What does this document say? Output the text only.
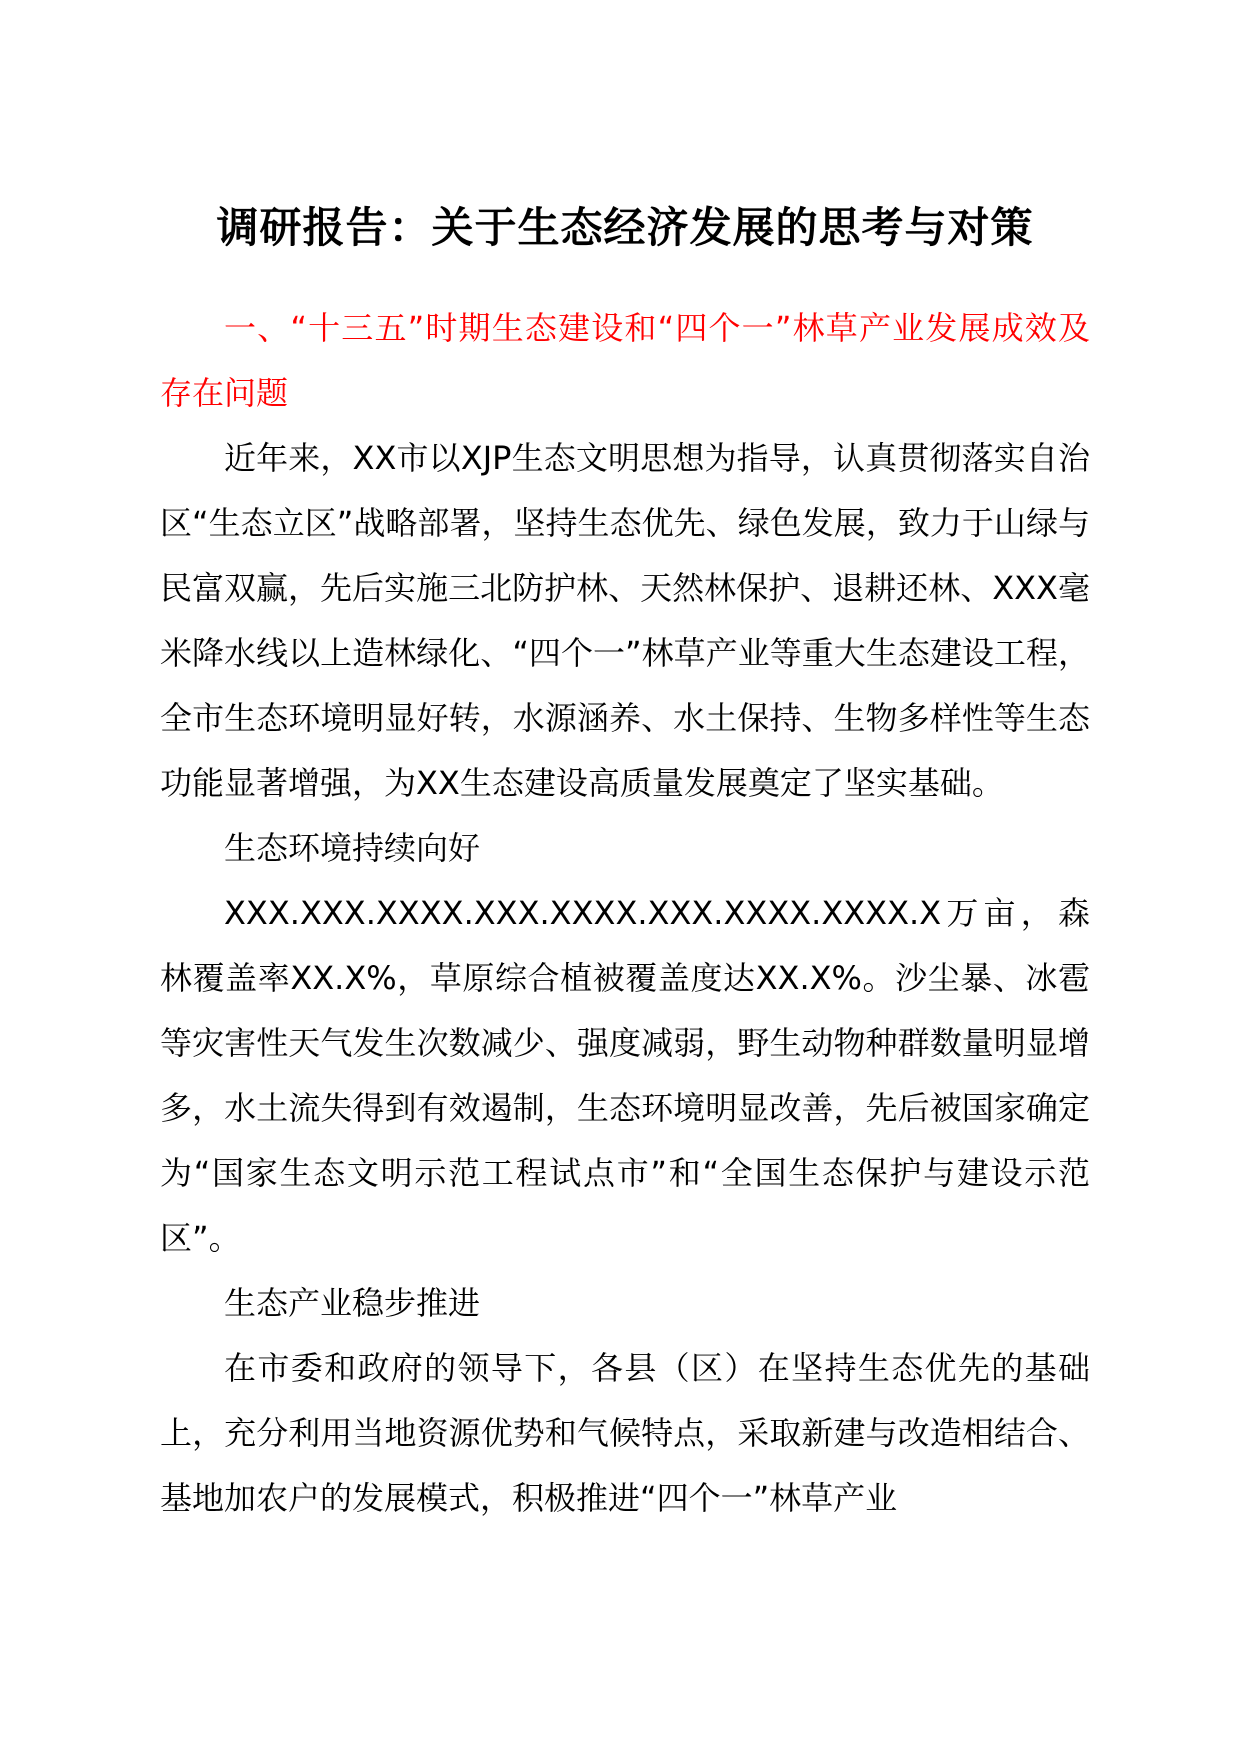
调研报告：关于生态经济发展的思考与对策

一、“十三五”时期生态建设和“四个一”林草产业发展成效及存在问题

近年来，XX市以XJP生态文明思想为指导，认真贯彻落实自治区“生态立区”战略部署，坚持生态优先、绿色发展，致力于山绿与民富双赢，先后实施三北防护林、天然林保护、退耕还林、XXX毫米降水线以上造林绿化、“四个一”林草产业等重大生态建设工程，全市生态环境明显好转，水源涵养、水土保持、生物多样性等生态功能显著增强，为XX生态建设高质量发展奠定了坚实基础。

生态环境持续向好

XXX.XXX.XXXX.XXX.XXXX.XXX.XXXX.XXXX.X万亩，森林覆盖率XX.X%，草原综合植被覆盖度达XX.X%。沙尘暴、冰雹等灾害性天气发生次数减少、强度减弱，野生动物种群数量明显增多，水土流失得到有效遏制，生态环境明显改善，先后被国家确定为“国家生态文明示范工程试点市”和“全国生态保护与建设示范区”。

生态产业稳步推进

在市委和政府的领导下，各县（区）在坚持生态优先的基础上，充分利用当地资源优势和气候特点，采取新建与改造相结合、基地加农户的发展模式，积极推进“四个一”林草产业
